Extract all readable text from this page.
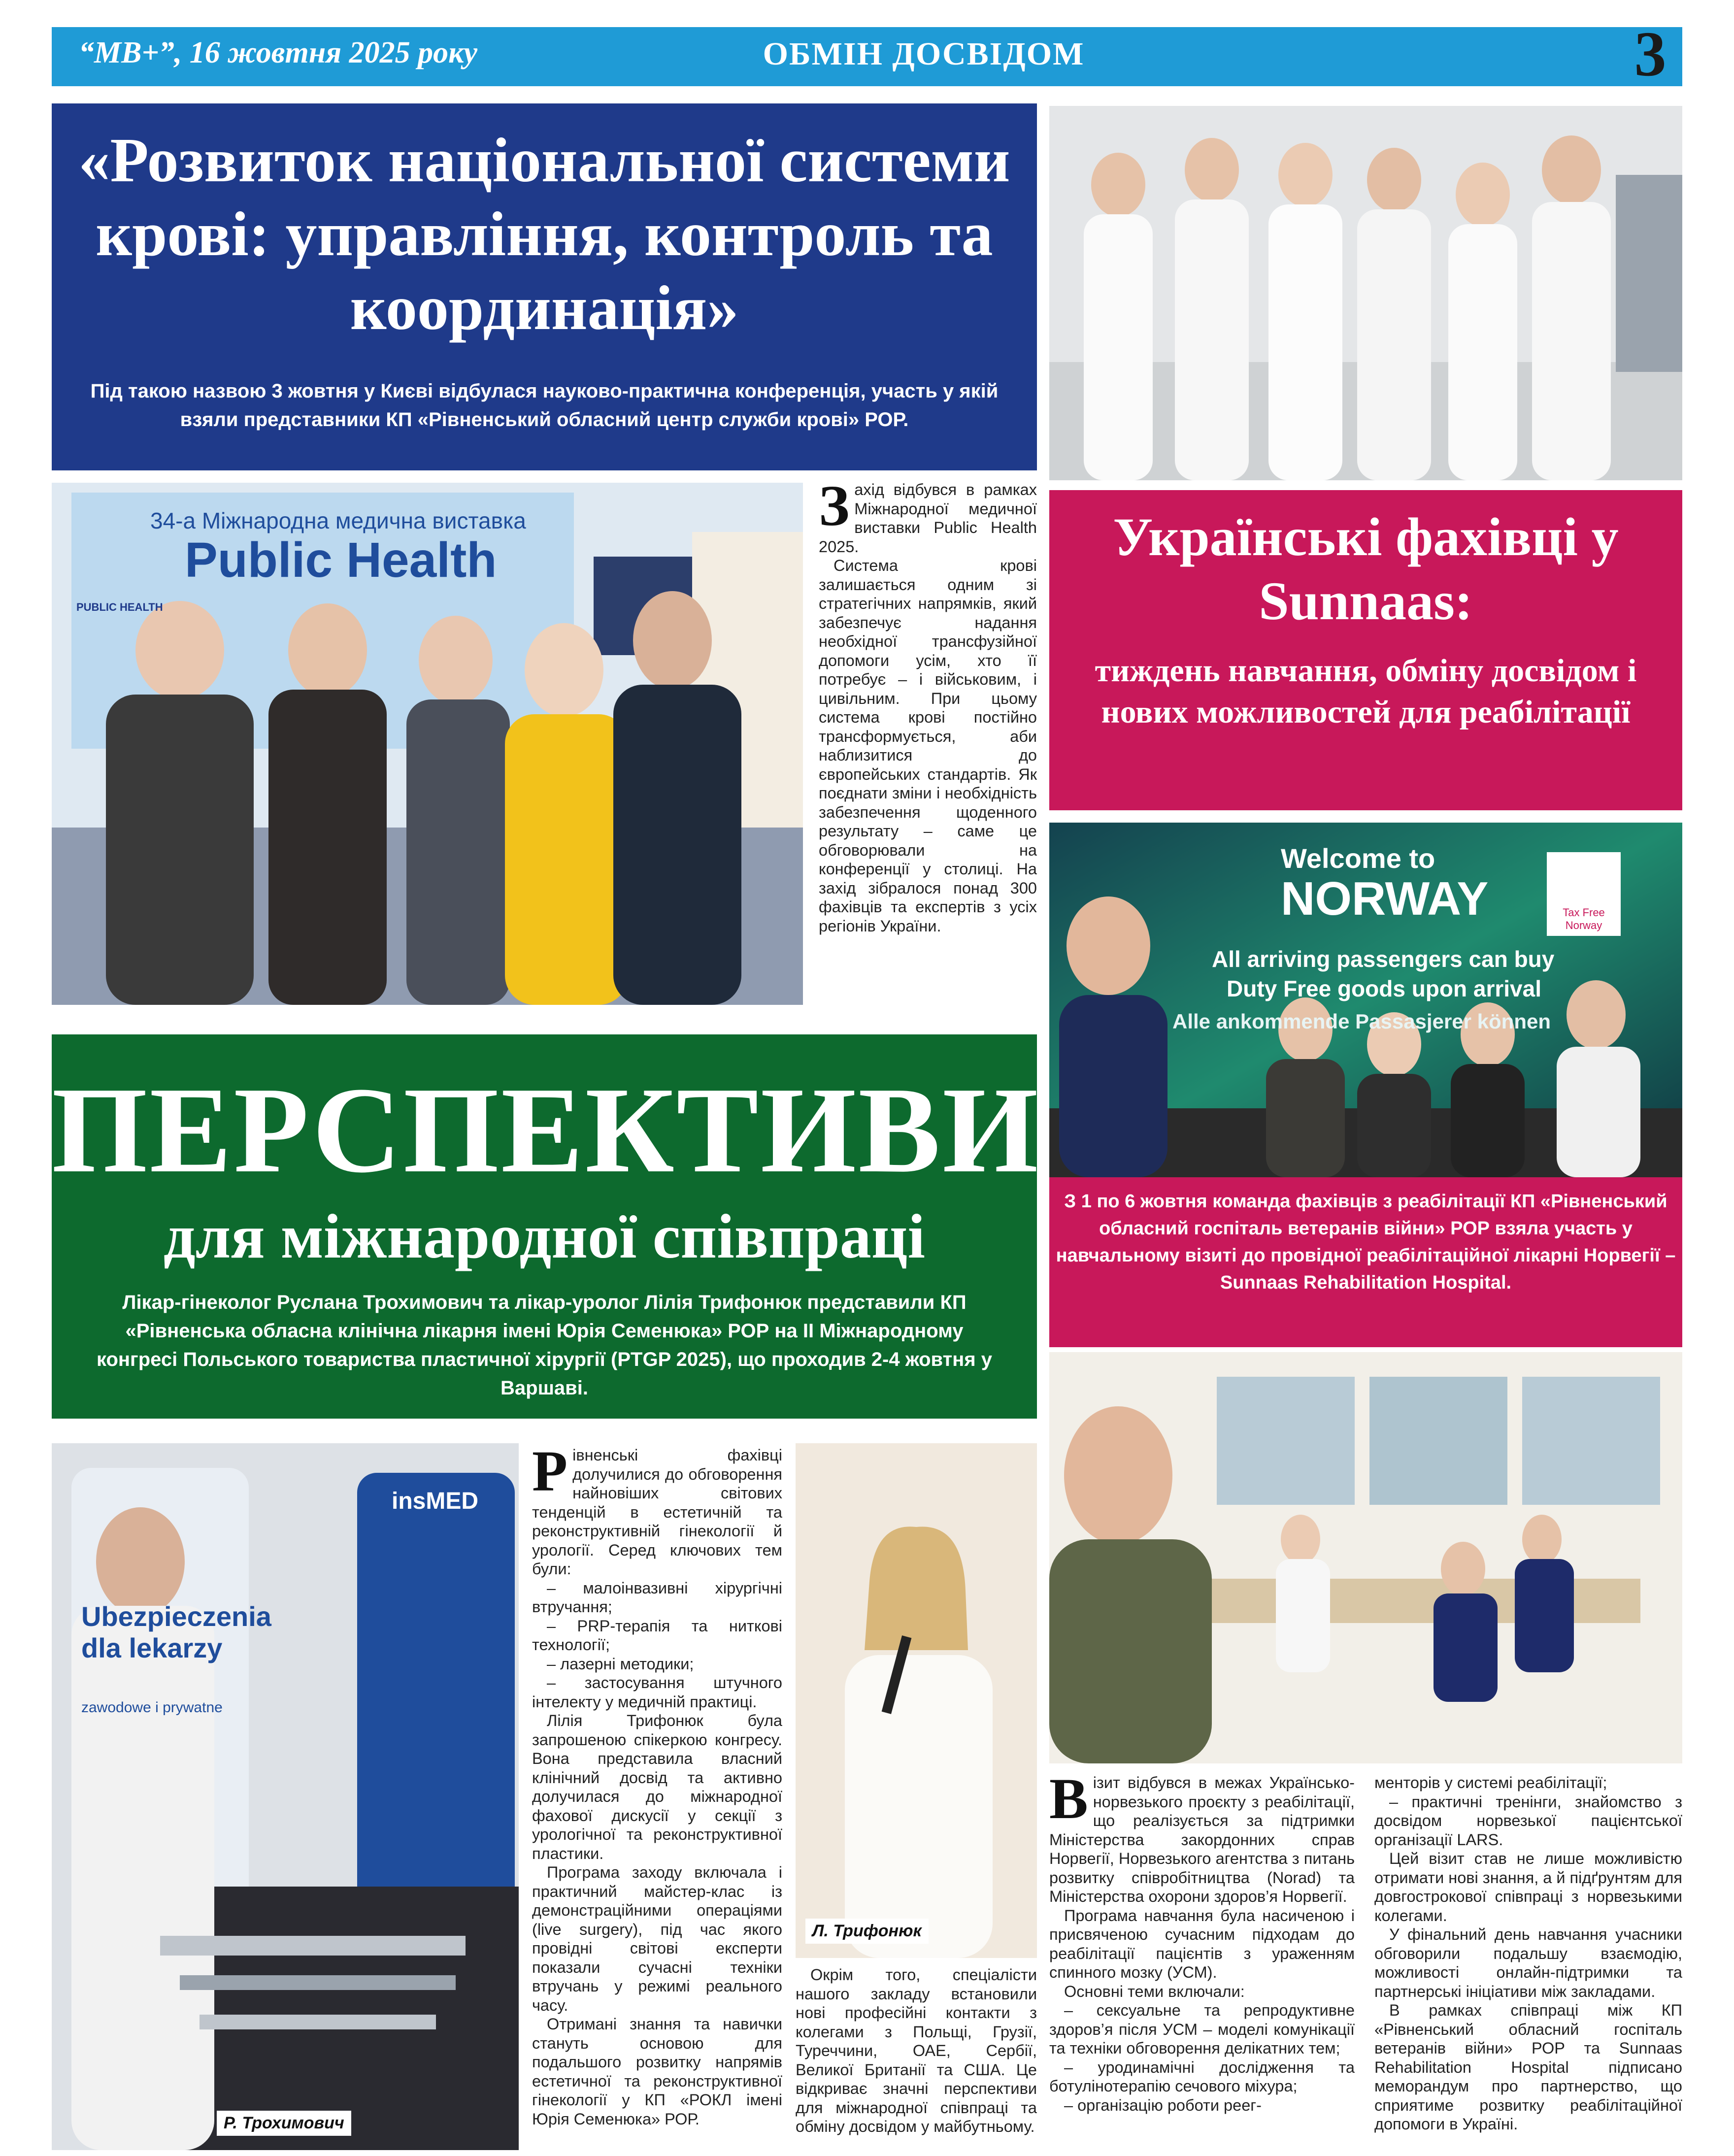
“МВ+”, 16 жовтня 2025 року	ОБМІН ДОСВІДОМ	3
«Розвиток національної системи крові: управління, контроль та координація»
Під такою назвою 3 жовтня у Києві відбулася науково-практична конференція, участь у якій взяли представники КП «Рівненський обласний центр служби крові» РОР.
PUBLIC HEALTH
34-а Міжнародна медична виставка
Public Health

Захід відбувся в рамках Міжнародної медичної виставки Public Health 2025.

Система крові залишається одним зі стратегічних напрямків, який забезпечує надання необхідної трансфузійної допомоги усім, хто її потребує – і військовим, і цивільним. При цьому система крові постійно трансформується, аби наблизитися до європейських стандартів. Як поєднати зміни і необхідність забезпечення щоденного результату – саме це обговорювали на конференції у столиці. На захід зібралося понад 300 фахівців та експертів з усіх регіонів України.

Українські фахівці у Sunnaas:
тиждень навчання, обміну досвідом і нових можливостей для реабілітації
Welcome to
NORWAY	Tax Free Norway
All arriving passengers can buy
Duty Free goods upon arrival
Alle ankommende Passasjerer können
З 1 по 6 жовтня команда фахівців з реабілітації КП «Рівненський обласний госпіталь ветеранів війни» РОР взяла участь у навчальному візиті до провідної реабілітаційної лікарні Норвегії – Sunnaas Rehabilitation Hospital.

Візит відбувся в межах Українсько-норвезького проєкту з реабілітації, що реалізується за підтримки Міністерства закордонних справ Норвегії, Норвезького агентства з питань розвитку співробітництва (Norad) та Міністерства охорони здоров’я Норвегії.

Програма навчання була насиченою і присвяченою сучасним підходам до реабілітації пацієнтів з ураженням спинного мозку (УСМ).

Основні теми включали:

– сексуальне та репродуктивне здоров’я після УСМ – моделі комунікації та техніки обговорення делікатних тем;

– уродинамічні дослідження та ботулінотерапію сечового міхура;

– організацію роботи реег-

менторів у системі реабілітації;

– практичні тренінги, знайомство з досвідом норвезької пацієнтської організації LARS.

Цей візит став не лише можливістю отримати нові знання, а й підґрунтям для довгострокової співпраці з норвезькими колегами.

У фінальний день навчання учасники обговорили подальшу взаємодію, можливості онлайн-підтримки та партнерські ініціативи між закладами.

В рамках співпраці між КП «Рівненський обласний госпіталь ветеранів війни» РОР та Sunnaas Rehabilitation Hospital підписано меморандум про партнерство, що сприятиме розвитку реабілітаційної допомоги в Україні.

ПЕРСПЕКТИВИ
для міжнародної співпраці
Лікар-гінеколог Руслана Трохимович та лікар-уролог Лілія Трифонюк представили КП «Рівненська обласна клінічна лікарня імені Юрія Семенюка» РОР на ІІ Міжнародному конгресі Польського товариства пластичної хірургії (PTGP 2025), що проходив 2-4 жовтня у Варшаві.
insMED
Ubezpieczenia dla lekarzy
zawodowe i prywatne
Р. Трохимович

Рівненські фахівці долучилися до обговорення найновіших світових тенденцій в естетичній та реконструктивній гінекології й урології. Серед ключових тем були:

– малоінвазивні хірургічні втручання;

– PRP-терапія та ниткові технології;

– лазерні методики;

– застосування штучного інтелекту у медичній практиці.

Лілія Трифонюк була запрошеною спікеркою конгресу. Вона представила власний клінічний досвід та активно долучилася до міжнародної фахової дискусії у секції з урологічної та реконструктивної пластики.

Програма заходу включала і практичний майстер-клас із демонстраційними операціями (live surgery), під час якого провідні світові експерти показали сучасні техніки втручань у режимі реального часу.

Отримані знання та навички стануть основою для подальшого розвитку напрямів естетичної та реконструктивної гінекології у КП «РОКЛ імені Юрія Семенюка» РОР.

Л. Трифонюк

Окрім того, спеціалісти нашого закладу встановили нові професійні контакти з колегами з Польщі, Грузії, Туреччини, ОАЕ, Сербії, Великої Британії та США. Це відкриває значні перспективи для міжнародної співпраці та обміну досвідом у майбутньому.
